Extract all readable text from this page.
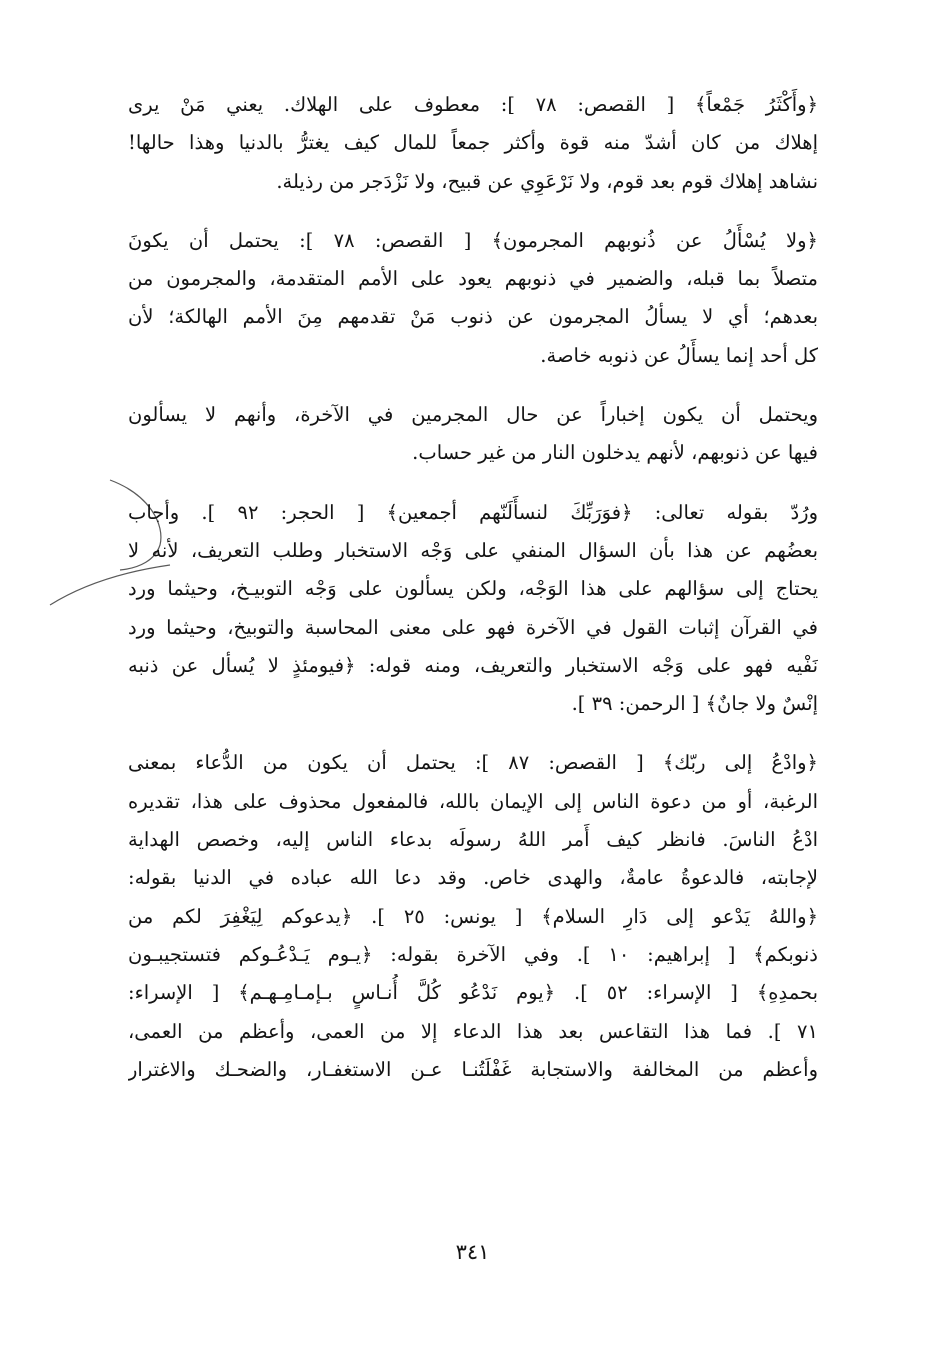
﴿وأَكْثَرُ جَمْعاً﴾ [ القصص: ٧٨ ]: معطوف على الهلاك. يعني مَنْ يرى
إهلاك من كان أشدّ منه قوة وأكثر جمعاً للمال كيف يغترُّ بالدنيا وهذا حالها!
نشاهد إهلاك قوم بعد قوم، ولا نَرْعَوِي عن قبيح، ولا نَزْدَجر من رذيلة.
﴿ولا يُسْأَلُ عن ذُنوبهم المجرمون﴾ [ القصص: ٧٨ ]: يحتمل أن يكونَ
متصلاً بما قبله، والضمير في ذنوبهم يعود على الأمم المتقدمة، والمجرمون من
بعدهم؛ أي لا يسألُ المجرمون عن ذنوب مَنْ تقدمهم مِنَ الأمم الهالكة؛ لأن
كل أحد إنما يسأَلُ عن ذنوبه خاصة.
ويحتمل أن يكون إخباراً عن حال المجرمين في الآخرة، وأنهم لا يسألون
فيها عن ذنوبهم، لأنهم يدخلون النار من غير حساب.
ورُدّ بقوله تعالى: ﴿فوَرَبِّكَ لنسأَلَنّهم أجمعين﴾ [ الحجر: ٩٢ ]. وأجاب
بعضُهم عن هذا بأن السؤال المنفي على وَجْه الاستخبار وطلب التعريف، لأنه لا
يحتاج إلى سؤالهم على هذا الوَجْه، ولكن يسألون على وَجْه التوبيـخ، وحيثما ورد
في القرآن إثبات القول في الآخرة فهو على معنى المحاسبة والتوبيخ، وحيثما ورد
نَفْيه فهو على وَجْه الاستخبار والتعريف، ومنه قوله: ﴿فيومئذٍ لا يُسأل عن ذنبه
إنْسٌ ولا جانٌ﴾ [ الرحمن: ٣٩ ].
﴿وادْعُ إلى ربّك﴾ [ القصص: ٨٧ ]: يحتمل أن يكون من الدُّعاء بمعنى
الرغبة، أو من دعوة الناس إلى الإيمان بالله، فالمفعول محذوف على هذا، تقديره
ادْعُ الناسَ. فانظر كيف أَمر اللهُ رسولَه بدعاء الناس إليه، وخصص الهداية
لإجابته، فالدعوةُ عامةٌ، والهدى خاص. وقد دعا الله عباده في الدنيا بقوله:
﴿واللهُ يَدْعو إلى دَارِ السلام﴾ [ يونس: ٢٥ ]. ﴿يدعوكم لِيَغْفِرَ لكم من
ذنوبكم﴾ [ إبراهيم: ١٠ ]. وفي الآخرة بقوله: ﴿يـوم يَـدْعُـوكم فتستجيبـون
بحمدِهِ﴾ [ الإسراء: ٥٢ ]. ﴿يوم نَدْعُو كُلَّ أُنـاسٍ بـإمـامِـهـم﴾ [ الإسراء:
٧١ ]. فما هذا التقاعس بعد هذا الدعاء إلا من العمى، وأعظم من العمى،
وأعظم من المخالفة والاستجابة غَفْلَتُنـا عـن الاستغفـار، والضحـك والاغترار
٣٤١
